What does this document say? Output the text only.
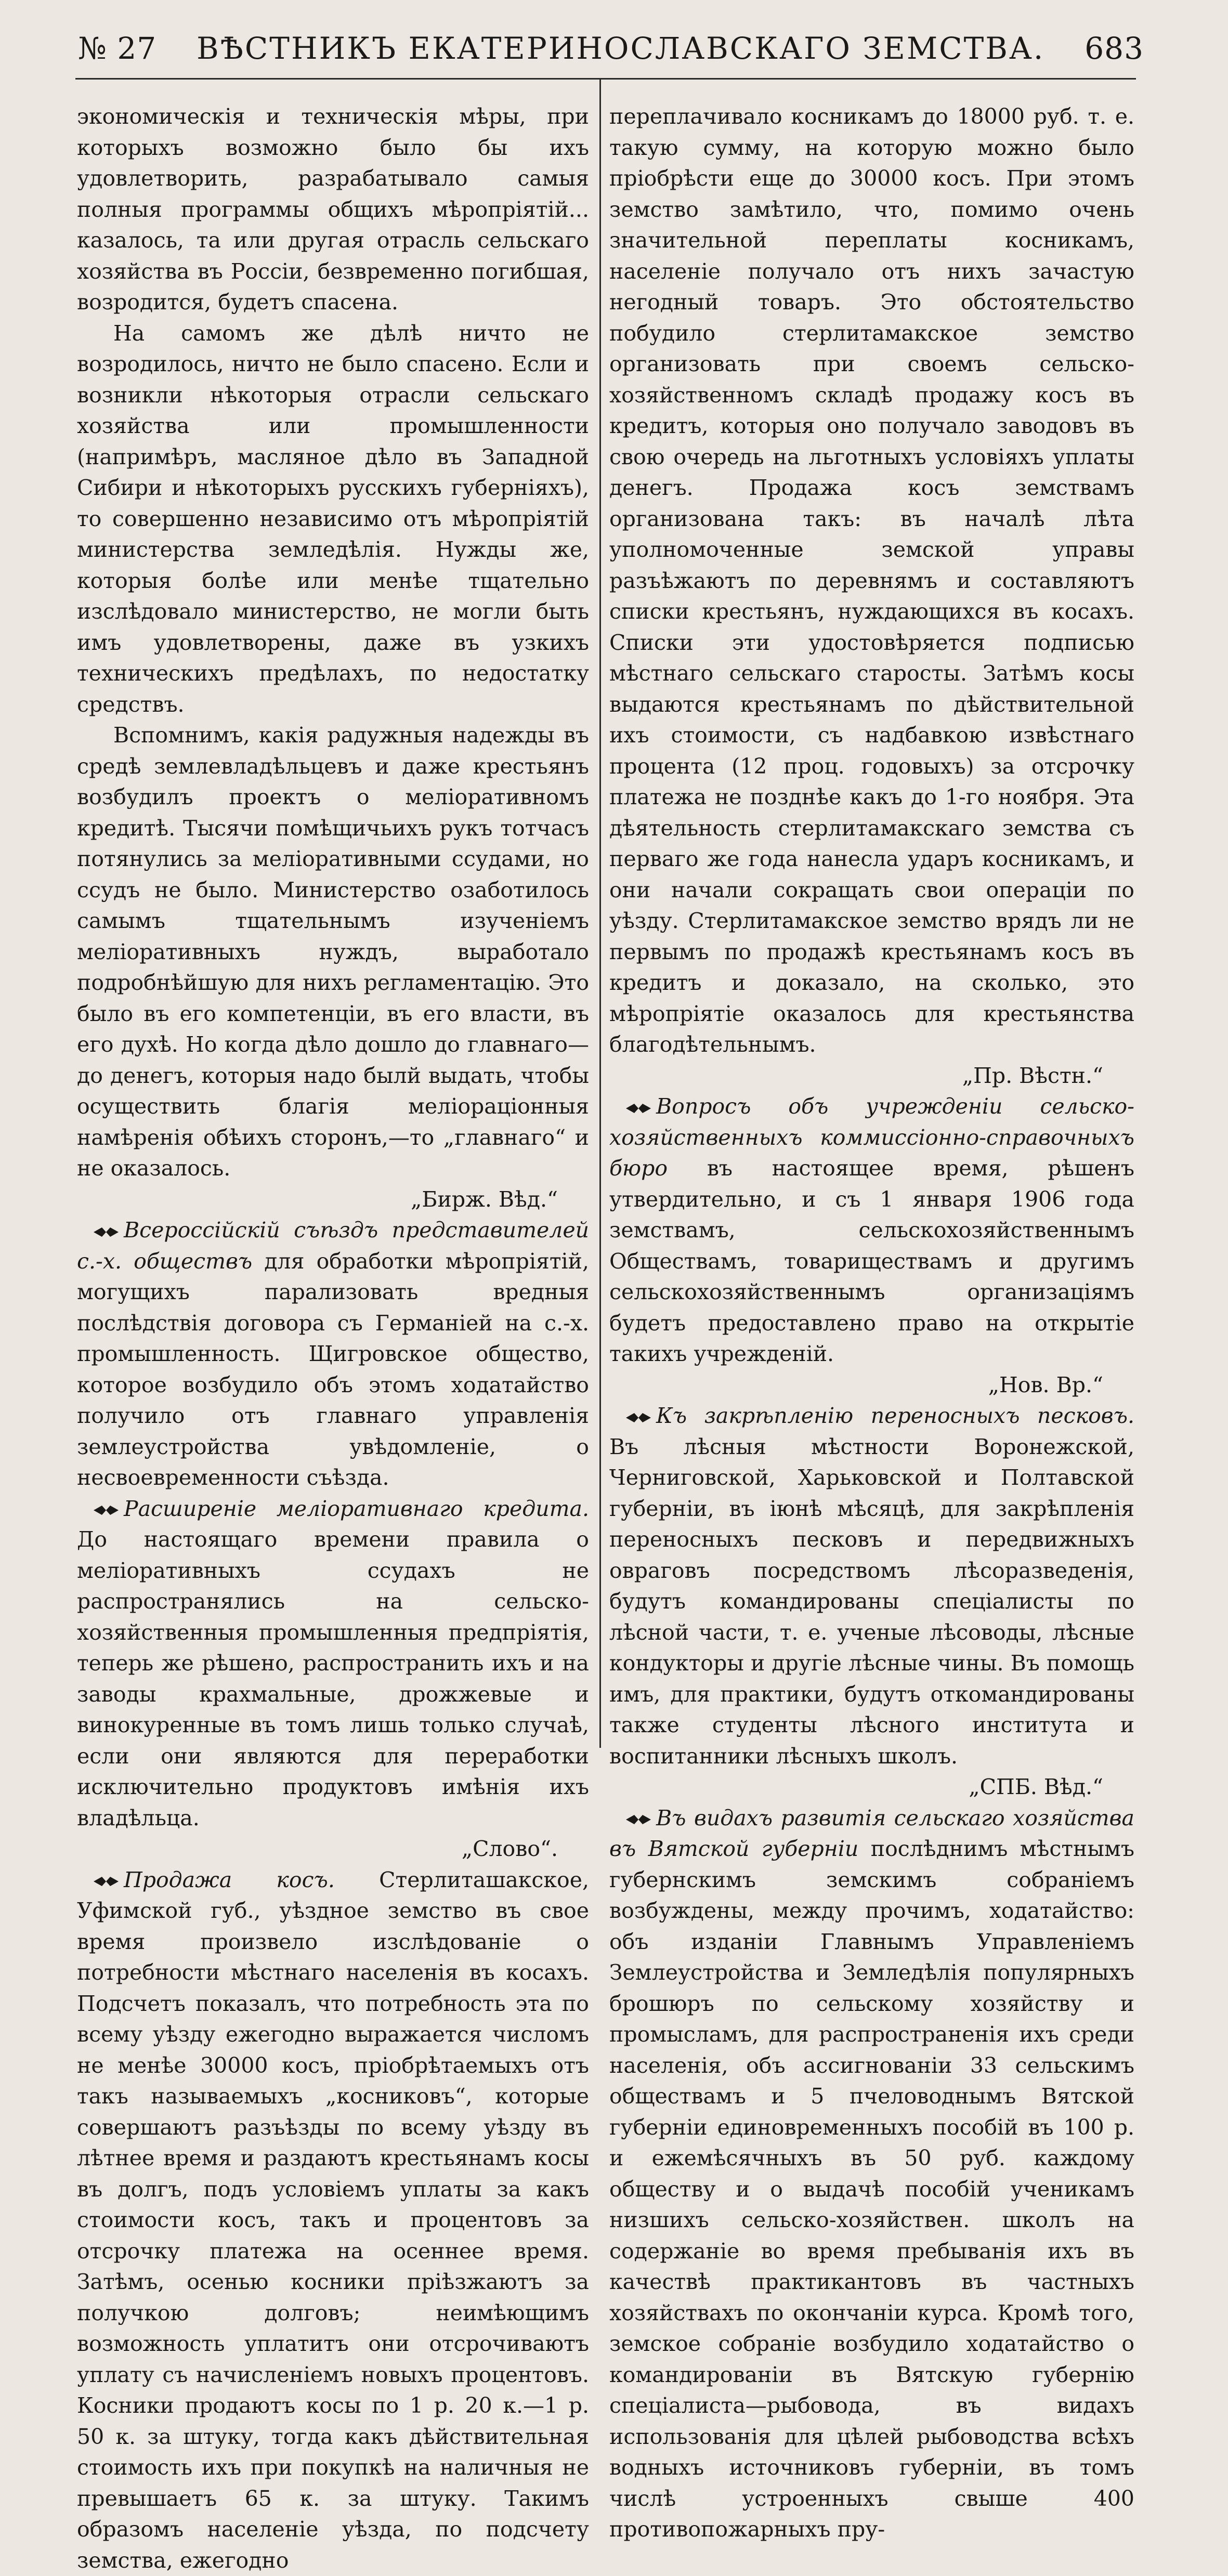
№ 27 ВѢСТНИКЪ ЕКАТЕРИНОСЛАВСКАГО ЗЕМСТВА. 683

экономическія и техническія мѣры, при которыхъ возможно было бы ихъ удовлетворить, разрабатывало самыя полныя программы общихъ мѣропріятій... казалось, та или другая отрасль сельскаго хозяйства въ Россіи, безвременно погибшая, возродится, будетъ спасена.

На самомъ же дѣлѣ ничто не возродилось, ничто не было спасено. Если и возникли нѣкоторыя отрасли сельскаго хозяйства или промышленности (напримѣръ, масляное дѣло въ Западной Сибири и нѣкоторыхъ русскихъ губерніяхъ), то совершенно независимо отъ мѣропріятій министерства земледѣлія. Нужды же, которыя болѣе или менѣе тщательно изслѣдовало министерство, не могли быть имъ удовлетворены, даже въ узкихъ техническихъ предѣлахъ, по недостатку средствъ.

Вспомнимъ, какія радужныя надежды въ средѣ землевладѣльцевъ и даже крестьянъ возбудилъ проектъ о меліоративномъ кредитѣ. Тысячи помѣщичьихъ рукъ тотчасъ потянулись за меліоративными ссудами, но ссудъ не было. Министерство озаботилось самымъ тщательнымъ изученіемъ меліоративныхъ нуждъ, выработало подробнѣйшую для нихъ регламентацію. Это было въ его компетенціи, въ его власти, въ его духѣ. Но когда дѣло дошло до главнаго—до денегъ, которыя надо былй выдать, чтобы осуществить благія меліораціонныя намѣренія обѣихъ сторонъ,—то „главнаго“ и не оказалось.
„Бирж. Вѣд.“

Всероссійскій съѣздъ представителей с.-х. обществъ для обработки мѣропріятій, могущихъ парализовать вредныя послѣдствія договора съ Германіей на с.-х. промышленность. Щигровское общество, которое возбудило объ этомъ ходатайство получило отъ главнаго управленія землеустройства увѣдомленіе, о несвоевременности съѣзда.

Расширеніе меліоративнаго кредита. До настоящаго времени правила о меліоративныхъ ссудахъ не распространялись на сельско-хозяйственныя промышленныя предпріятія, теперь же рѣшено, распространить ихъ и на заводы крахмальные, дрожжевые и винокуренные въ томъ лишь только случаѣ, если они являются для переработки исключительно продуктовъ имѣнія ихъ владѣльца.
„Слово“.

Продажа косъ. Стерлиташакское, Уфимской губ., уѣздное земство въ свое время произвело изслѣдованіе о потребности мѣстнаго населенія въ косахъ. Подсчетъ показалъ, что потребность эта по всему уѣзду ежегодно выражается числомъ не менѣе 30000 косъ, пріобрѣтаемыхъ отъ такъ называемыхъ „косниковъ“, которые совершаютъ разъѣзды по всему уѣзду въ лѣтнее время и раздаютъ крестьянамъ косы въ долгъ, подъ условіемъ уплаты за какъ стоимости косъ, такъ и процентовъ за отсрочку платежа на осеннее время. Затѣмъ, осенью косники пріѣзжаютъ за получкою долговъ; неимѣющимъ возможность уплатитъ они отсрочиваютъ уплату съ начисленіемъ новыхъ процентовъ. Косники продаютъ косы по 1 р. 20 к.—1 р. 50 к. за штуку, тогда какъ дѣйствительная стоимость ихъ при покупкѣ на наличныя не превышаетъ 65 к. за штуку. Такимъ образомъ населеніе уѣзда, по подсчету земства, ежегодно

переплачивало косникамъ до 18000 руб. т. е. такую сумму, на которую можно было пріобрѣсти еще до 30000 косъ. При этомъ земство замѣтило, что, помимо очень значительной переплаты косникамъ, населеніе получало отъ нихъ зачастую негодный товаръ. Это обстоятельство побудило стерлитамакское земство организовать при своемъ сельско-хозяйственномъ складѣ продажу косъ въ кредитъ, которыя оно получало заводовъ въ свою очередь на льготныхъ условіяхъ уплаты денегъ. Продажа косъ земствамъ организована такъ: въ началѣ лѣта уполномоченные земской управы разъѣжаютъ по деревнямъ и составляютъ списки крестьянъ, нуждающихся въ косахъ. Списки эти удостовѣряется подписью мѣстнаго сельскаго старосты. Затѣмъ косы выдаются крестьянамъ по дѣйствительной ихъ стоимости, съ надбавкою извѣстнаго процента (12 проц. годовыхъ) за отсрочку платежа не позднѣе какъ до 1-го ноября. Эта дѣятельность стерлитамакскаго земства съ перваго же года нанесла ударъ косникамъ, и они начали сокращать свои операціи по уѣзду. Стерлитамакское земство врядъ ли не первымъ по продажѣ крестьянамъ косъ въ кредитъ и доказало, на сколько, это мѣропріятіе оказалось для крестьянства благодѣтельнымъ.
„Пр. Вѣстн.“

Вопросъ объ учрежденіи сельско-хозяйственныхъ коммиссіонно-справочныхъ бюро въ настоящее время, рѣшенъ утвердительно, и съ 1 января 1906 года земствамъ, сельскохозяйственнымъ Обществамъ, товариществамъ и другимъ сельскохозяйственнымъ организаціямъ будетъ предоставлено право на открытіе такихъ учрежденій.
„Нов. Вр.“

Къ закрѣпленію переносныхъ песковъ. Въ лѣсныя мѣстности Воронежской, Черниговской, Харьковской и Полтавской губерніи, въ іюнѣ мѣсяцѣ, для закрѣпленія переносныхъ песковъ и передвижныхъ овраговъ посредствомъ лѣсоразведенія, будутъ командированы спеціалисты по лѣсной части, т. е. ученые лѣсоводы, лѣсные кондукторы и другіе лѣсные чины. Въ помощь имъ, для практики, будутъ откомандированы также студенты лѣсного института и воспитанники лѣсныхъ школъ.
„СПБ. Вѣд.“

Въ видахъ развитія сельскаго хозяйства въ Вятской губерніи послѣднимъ мѣстнымъ губернскимъ земскимъ собраніемъ возбуждены, между прочимъ, ходатайство: объ изданіи Главнымъ Управленіемъ Землеустройства и Земледѣлія популярныхъ брошюръ по сельскому хозяйству и промысламъ, для распространенія ихъ среди населенія, объ ассигнованіи 33 сельскимъ обществамъ и 5 пчеловоднымъ Вятской губерніи единовременныхъ пособій въ 100 р. и ежемѣсячныхъ въ 50 руб. каждому обществу и о выдачѣ пособій ученикамъ низшихъ сельско-хозяйствен. школъ на содержаніе во время пребыванія ихъ въ качествѣ практикантовъ въ частныхъ хозяйствахъ по окончаніи курса. Кромѣ того, земское собраніе возбудило ходатайство о командированіи въ Вятскую губернію спеціалиста—рыбовода, въ видахъ использованія для цѣлей рыбоводства всѣхъ водныхъ источниковъ губерніи, въ томъ числѣ устроенныхъ свыше 400 противопожарныхъ пру-
